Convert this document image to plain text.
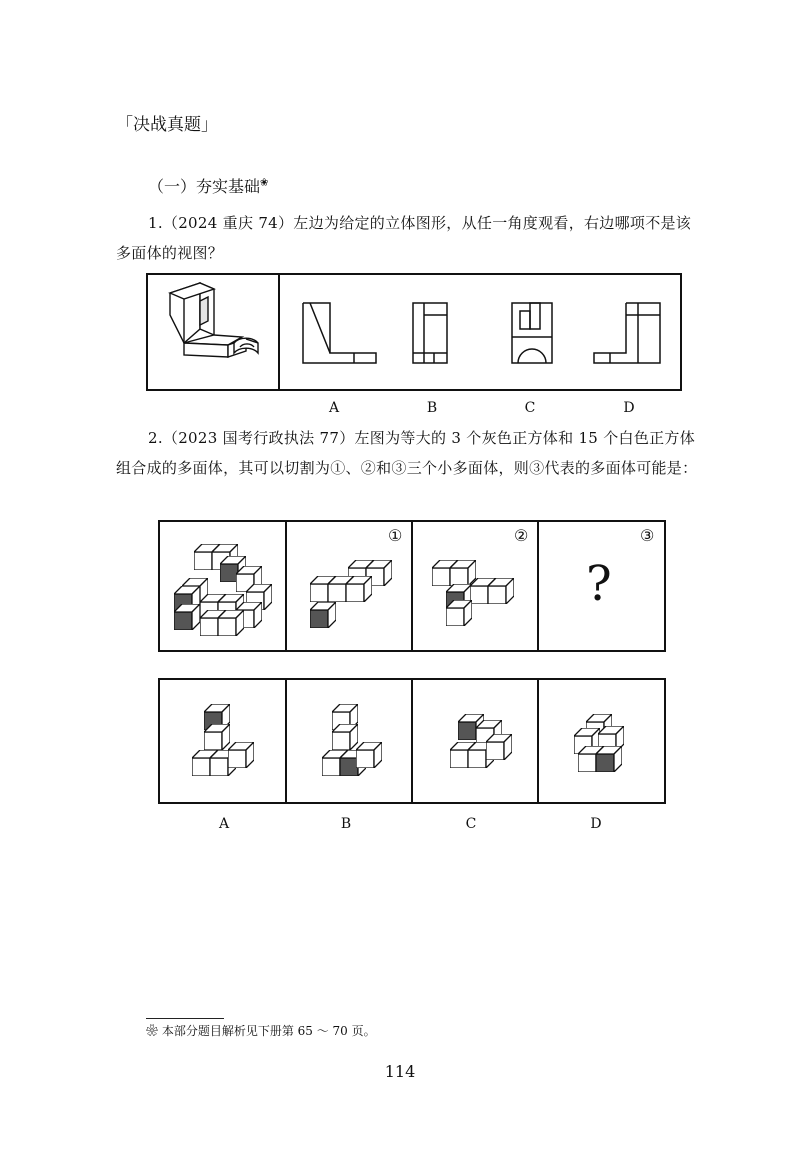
「决战真题」
（一）夯实基础❀
1.（2024 重庆 74）左边为给定的立体图形，从任一角度观看，右边哪项不是该多面体的视图？
A	B	C	D
2.（2023 国考行政执法 77）左图为等大的 3 个灰色正方体和 15 个白色正方体组合成的多面体，其可以切割为①、②和③三个小多面体，则③代表的多面体可能是：
①	②	③
?
A	B	C	D
❀ 本部分题目解析见下册第 65 ～ 70 页。
114
